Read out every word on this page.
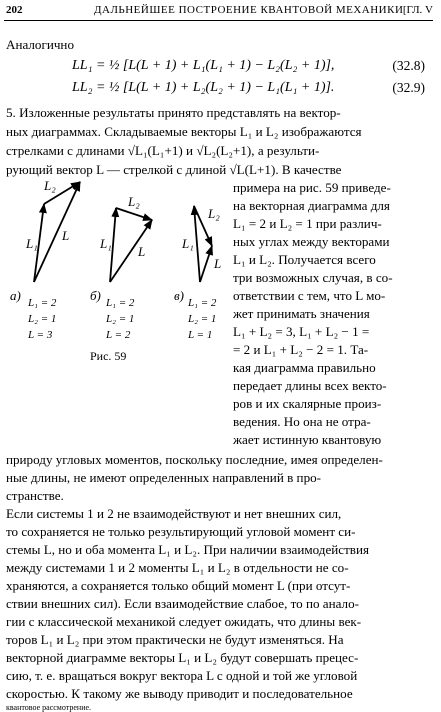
202	ДАЛЬНЕЙШЕЕ ПОСТРОЕНИЕ КВАНТОВОЙ МЕХАНИКИ [ГЛ. V
Аналогично
LL₁ = ½ [L(L + 1) + L₁(L₁ + 1) − L₂(L₂ + 1)],	(32.8)
LL₂ = ½ [L(L + 1) + L₂(L₂ + 1) − L₁(L₁ + 1)].	(32.9)
5. Изложенные результаты принято представлять на вектор-
ных диаграммах. Складываемые векторы L₁ и L₂ изображаются
стрелками с длинами √L₁(L₁+1) и √L₂(L₂+1), а результи-
рующий вектор L — стрелкой с длиной √L(L+1). В качестве
примера на рис. 59 приведе-
на векторная диаграмма для
L₁ = 2 и L₂ = 1 при различ-
ных углах между векторами
L₁ и L₂. Получается всего
три возможных случая, в со-
ответствии с тем, что L мо-
жет принимать значения
L₁ + L₂ = 3, L₁ + L₂ − 1 =
= 2 и L₁ + L₂ − 2 = 1. Та-
кая диаграмма правильно
передает длины всех векто-
ров и их скалярные произ-
ведения. Но она не отра-
жает истинную квантовую
L₁
L₂
L
а) L₁ = 2
L₂ = 1
L = 3
L₁
L₂
L
б) L₁ = 2
L₂ = 1
L = 2
L₁
L₂
L
в) L₁ = 2
L₂ = 1
L = 1
Рис. 59
природу угловых моментов, поскольку последние, имея определен-
ные длины, не имеют определенных направлений в про-
странстве.
Если системы 1 и 2 не взаимодействуют и нет внешних сил,
то сохраняется не только результирующий угловой момент си-
стемы L, но и оба момента L₁ и L₂. При наличии взаимодействия
между системами 1 и 2 моменты L₁ и L₂ в отдельности не со-
храняются, а сохраняется только общий момент L (при отсут-
ствии внешних сил). Если взаимодействие слабое, то по анало-
гии с классической механикой следует ожидать, что длины век-
торов L₁ и L₂ при этом практически не будут изменяться. На
векторной диаграмме векторы L₁ и L₂ будут совершать прецес-
сию, т. е. вращаться вокруг вектора L с одной и той же угловой
скоростью. К такому же выводу приводит и последовательное
квантовое рассмотрение.
§ 33. Квантование водородного атома в общем случае
1.
